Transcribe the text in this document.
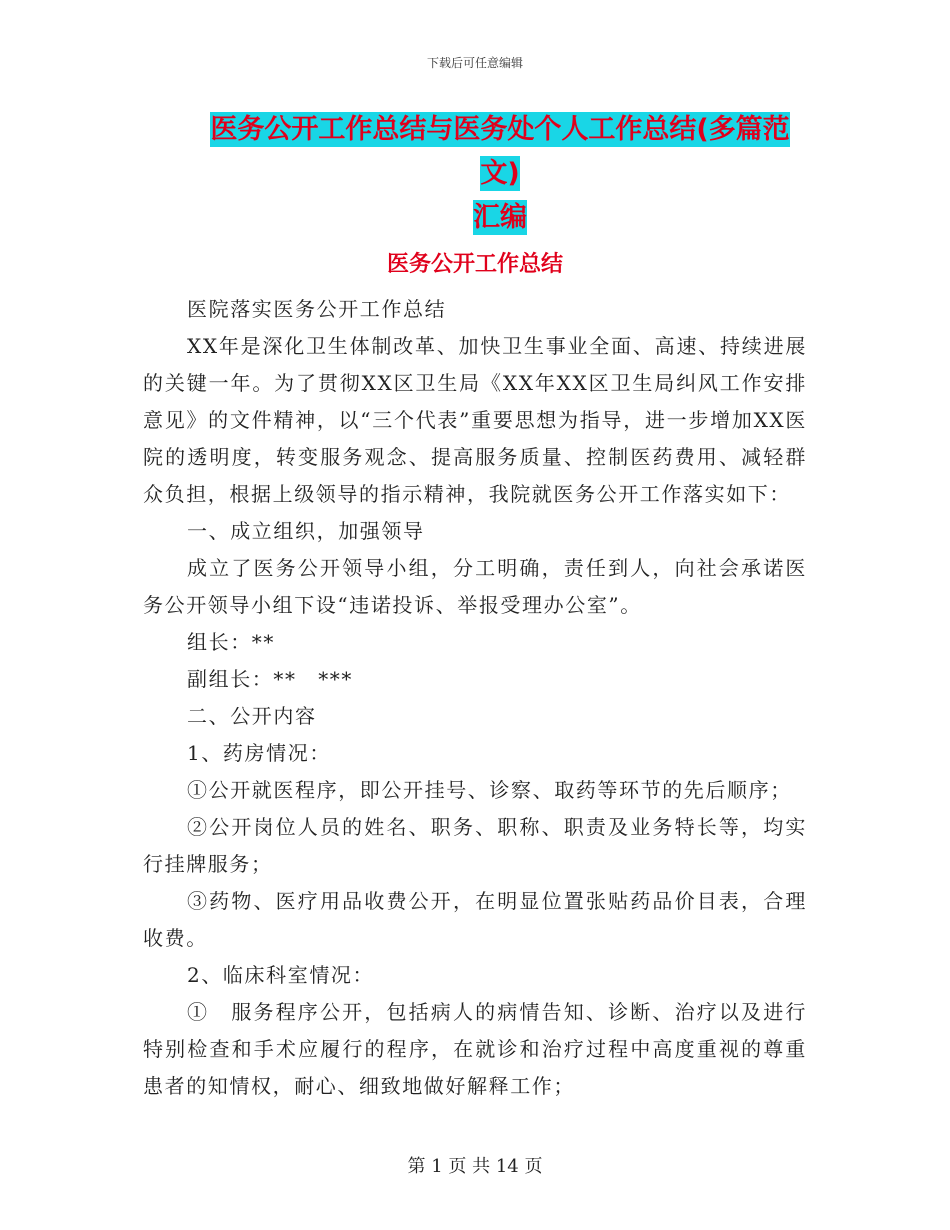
下载后可任意编辑
医务公开工作总结与医务处个人工作总结(多篇范文)
汇编
医务公开工作总结

医院落实医务公开工作总结

XX年是深化卫生体制改革、加快卫生事业全面、高速、持续进展的关键一年。为了贯彻XX区卫生局《XX年XX区卫生局纠风工作安排意见》的文件精神，以“三个代表”重要思想为指导，进一步增加XX医院的透明度，转变服务观念、提高服务质量、控制医药费用、减轻群众负担，根据上级领导的指示精神，我院就医务公开工作落实如下：

一、成立组织，加强领导

成立了医务公开领导小组，分工明确，责任到人，向社会承诺医务公开领导小组下设“违诺投诉、举报受理办公室”。

组长：**

副组长：**　***

二、公开内容

1、药房情况：

①公开就医程序，即公开挂号、诊察、取药等环节的先后顺序；

②公开岗位人员的姓名、职务、职称、职责及业务特长等，均实行挂牌服务；

③药物、医疗用品收费公开，在明显位置张贴药品价目表，合理收费。

2、临床科室情况：

①　服务程序公开，包括病人的病情告知、诊断、治疗以及进行特别检查和手术应履行的程序，在就诊和治疗过程中高度重视的尊重患者的知情权，耐心、细致地做好解释工作；

第 1 页 共 14 页
